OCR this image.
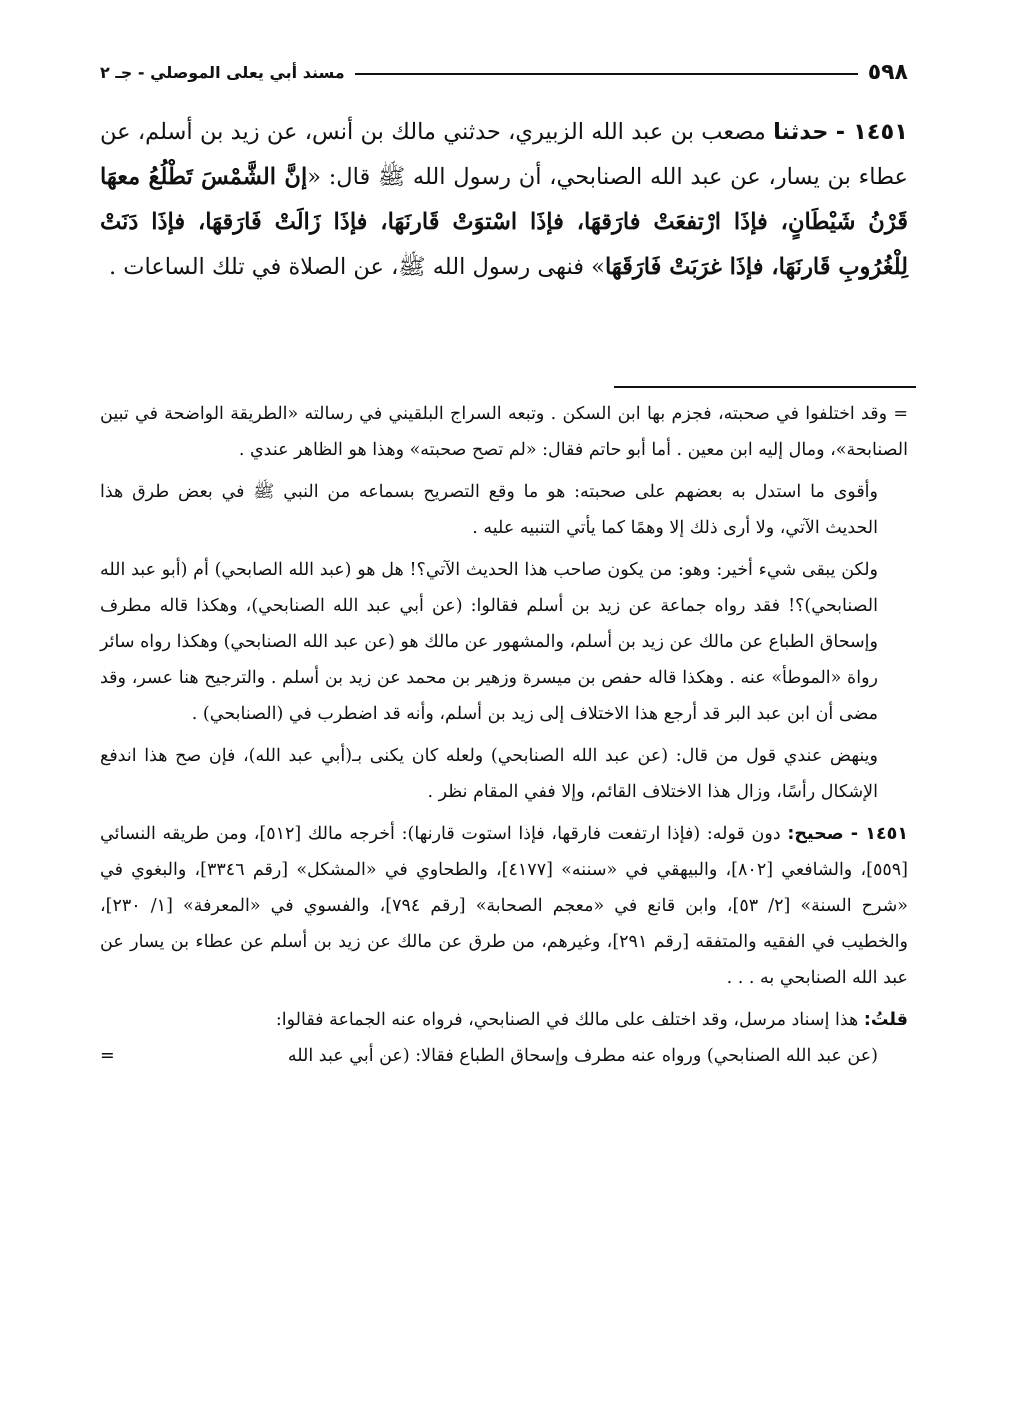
٥٩٨
مسند أبي يعلى الموصلي - جـ ٢
١٤٥١ - حدثنا مصعب بن عبد الله الزبيري، حدثني مالك بن أنس، عن زيد بن أسلم، عن عطاء بن يسار، عن عبد الله الصنابحي، أن رسول الله ﷺ قال: «إنَّ الشَّمْسَ تَطْلُعُ معهَا قَرْنُ شَيْطَانٍ، فإذَا ارْتفعَتْ فارَقهَا، فإذَا اسْتوَتْ قَارنَهَا، فإذَا زَالَتْ فَارَقهَا، فإذَا دَنَتْ لِلْغُرُوبِ قَارنَهَا، فإذَا غرَبَتْ فَارَقَهَا» فنهى رسول الله ﷺ، عن الصلاة في تلك الساعات .

= وقد اختلفوا في صحبته، فجزم بها ابن السكن . وتبعه السراج البلقيني في رسالته «الطريقة الواضحة في تبين الصنابحة»، ومال إليه ابن معين . أما أبو حاتم فقال: «لم تصح صحبته» وهذا هو الظاهر عندي .

وأقوى ما استدل به بعضهم على صحبته: هو ما وقع التصريح بسماعه من النبي ﷺ في بعض طرق هذا الحديث الآتي، ولا أرى ذلك إلا وهمًا كما يأتي التنبيه عليه .

ولكن يبقى شيء أخير: وهو: من يكون صاحب هذا الحديث الآتي؟! هل هو (عبد الله الصابحي) أم (أبو عبد الله الصنابحي)؟! فقد رواه جماعة عن زيد بن أسلم فقالوا: (عن أبي عبد الله الصنابحي)، وهكذا قاله مطرف وإسحاق الطباع عن مالك عن زيد بن أسلم، والمشهور عن مالك هو (عن عبد الله الصنابحي) وهكذا رواه سائر رواة «الموطأ» عنه . وهكذا قاله حفص بن ميسرة وزهير بن محمد عن زيد بن أسلم . والترجيح هنا عسر، وقد مضى أن ابن عبد البر قد أرجع هذا الاختلاف إلى زيد بن أسلم، وأنه قد اضطرب في (الصنابحي) .

وينهض عندي قول من قال: (عن عبد الله الصنابحي) ولعله كان يكنى بـ(أبي عبد الله)، فإن صح هذا اندفع الإشكال رأسًا، وزال هذا الاختلاف القائم، وإلا ففي المقام نظر .

١٤٥١ - صحيح: دون قوله: (فإذا ارتفعت فارقها، فإذا استوت قارنها): أخرجه مالك [٥١٢]، ومن طريقه النسائي [٥٥٩]، والشافعي [٨٠٢]، والبيهقي في «سننه» [٤١٧٧]، والطحاوي في «المشكل» [رقم ٣٣٤٦]، والبغوي في «شرح السنة» [٢/ ٥٣]، وابن قانع في «معجم الصحابة» [رقم ٧٩٤]، والفسوي في «المعرفة» [١/ ٢٣٠]، والخطيب في الفقيه والمتفقه [رقم ٢٩١]، وغيرهم، من طرق عن مالك عن زيد بن أسلم عن عطاء بن يسار عن عبد الله الصنابحي به . . .

قلتُ: هذا إسناد مرسل، وقد اختلف على مالك في الصنابحي، فرواه عنه الجماعة فقالوا:

(عن عبد الله الصنابحي) ورواه عنه مطرف وإسحاق الطباع فقالا: (عن أبي عبد الله
=
